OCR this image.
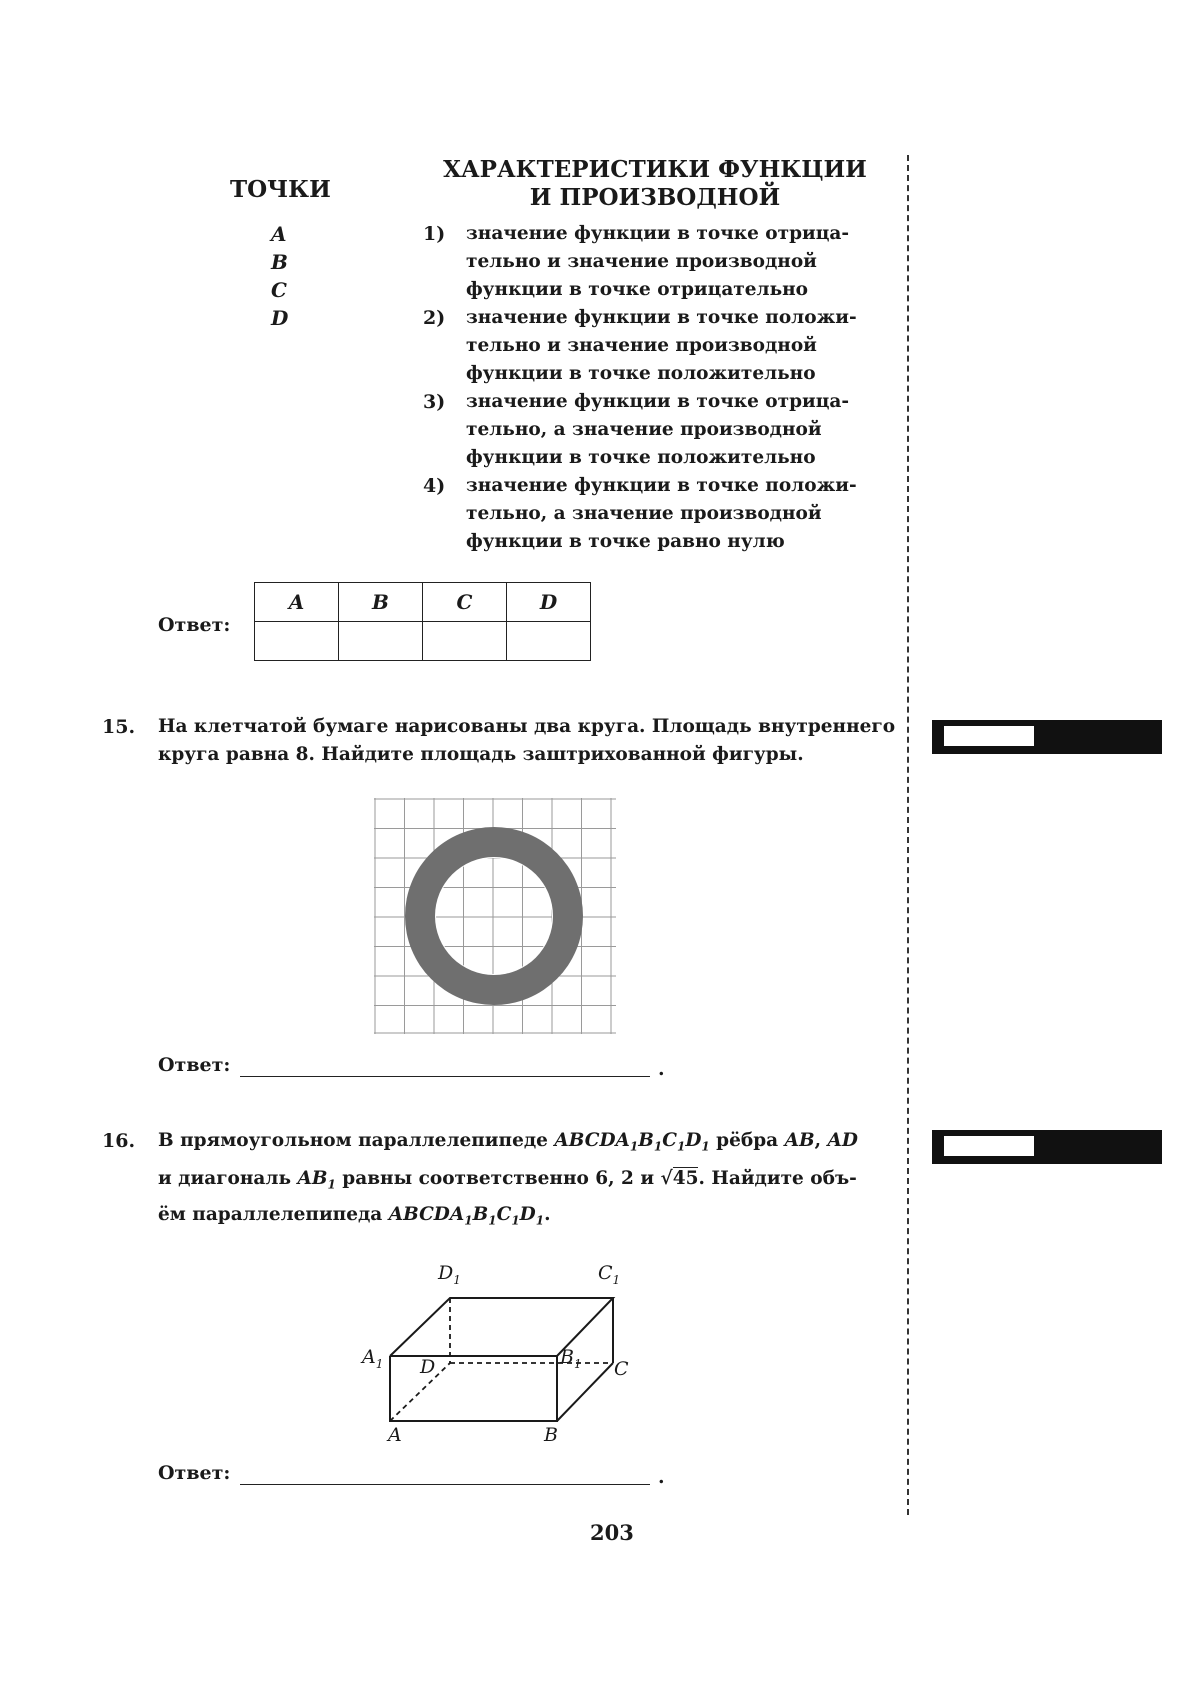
ТОЧКИ
ХАРАКТЕРИСТИКИ ФУНКЦИИ
И ПРОИЗВОДНОЙ
A
B
C
D
1) значение функции в точке отрица-
тельно и значение производной
функции в точке отрицательно
2) значение функции в точке положи-
тельно и значение производной
функции в точке положительно
3) значение функции в точке отрица-
тельно, а значение производной
функции в точке положительно
4) значение функции в точке положи-
тельно, а значение производной
функции в точке равно нулю
Ответ:
A	B	C	D

15. На клетчатой бумаге нарисованы два круга. Площадь внутреннего
круга равна 8. Найдите площадь заштрихованной фигуры.
Ответ:	.
16. В прямоугольном параллелепипеде $ABCDA_1B_1C_1D_1$ рёбра AB, AD
и диагональ $AB_1$ равны соответственно 6, 2 и √45. Найдите объ-
ём параллелепипеда $ABCDA_1B_1C_1D_1$.
$D_1$	$C_1$
$A_1$ D	$B_1$ C
A	B
Ответ:	.
203
